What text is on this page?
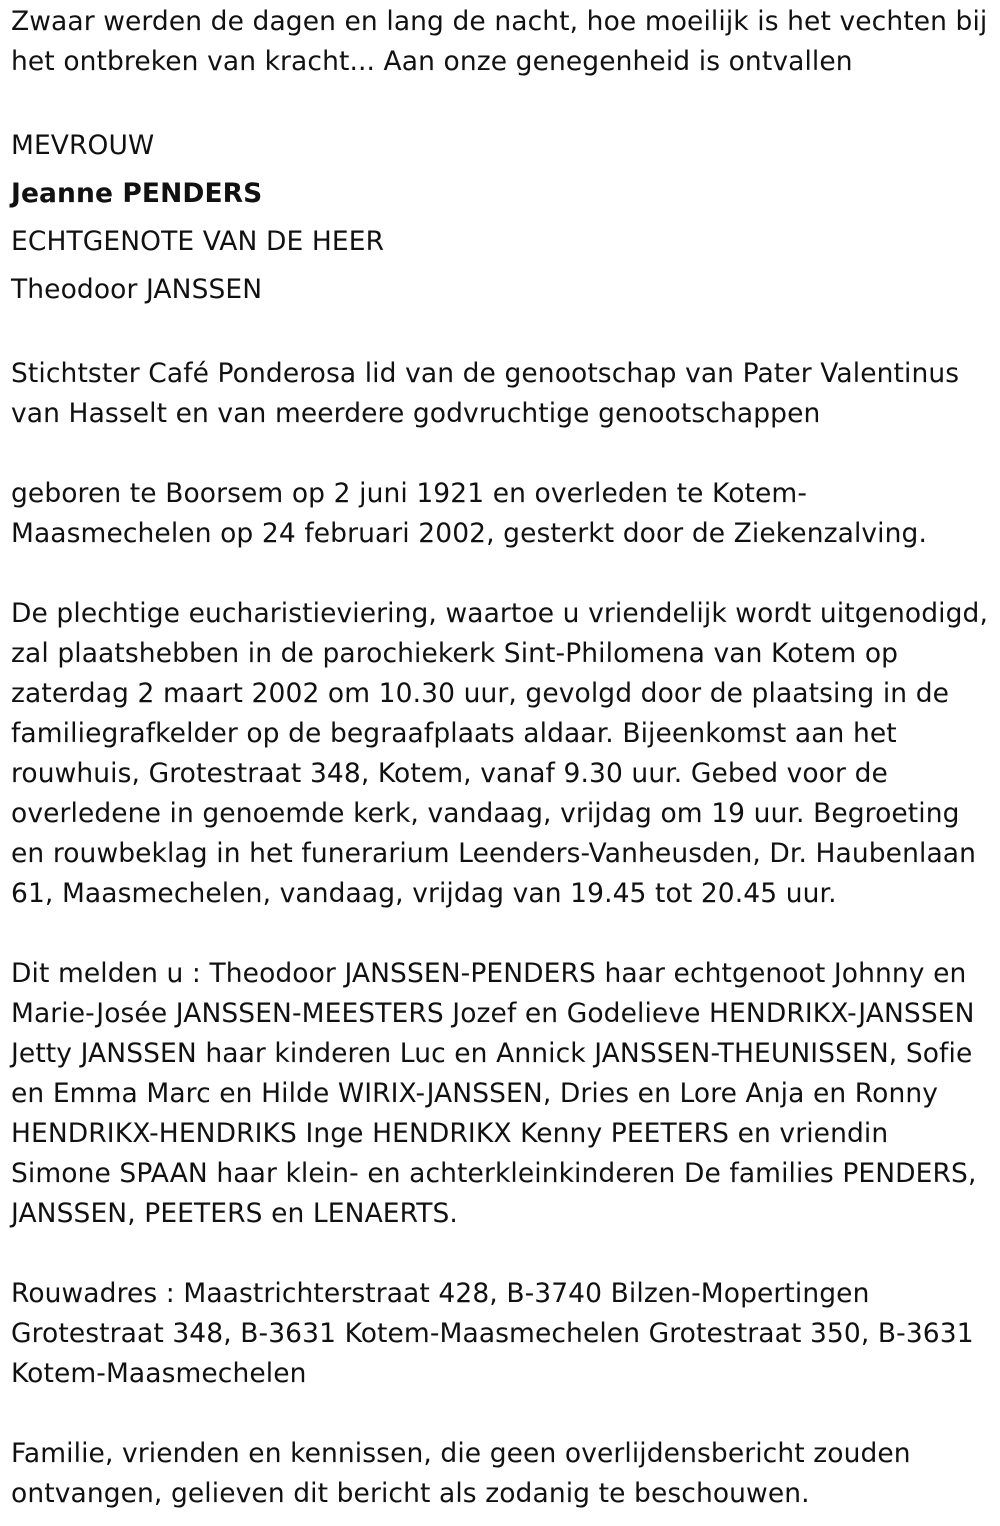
Zwaar werden de dagen en lang de nacht, hoe moeilijk is het vechten bij het ontbreken van kracht... Aan onze genegenheid is ontvallen

MEVROUW

Jeanne PENDERS

ECHTGENOTE VAN DE HEER

Theodoor JANSSEN

Stichtster Café Ponderosa lid van de genootschap van Pater Valentinus van Hasselt en van meerdere godvruchtige genootschappen

geboren te Boorsem op 2 juni 1921 en overleden te Kotem-Maasmechelen op 24 februari 2002, gesterkt door de Ziekenzalving.

De plechtige eucharistieviering, waartoe u vriendelijk wordt uitgenodigd, zal plaatshebben in de parochiekerk Sint-Philomena van Kotem op zaterdag 2 maart 2002 om 10.30 uur, gevolgd door de plaatsing in de familiegrafkelder op de begraafplaats aldaar. Bijeenkomst aan het rouwhuis, Grotestraat 348, Kotem, vanaf 9.30 uur. Gebed voor de overledene in genoemde kerk, vandaag, vrijdag om 19 uur. Begroeting en rouwbeklag in het funerarium Leenders-Vanheusden, Dr. Haubenlaan 61, Maasmechelen, vandaag, vrijdag van 19.45 tot 20.45 uur.

Dit melden u : Theodoor JANSSEN-PENDERS haar echtgenoot Johnny en Marie-Josée JANSSEN-MEESTERS Jozef en Godelieve HENDRIKX-JANSSEN Jetty JANSSEN haar kinderen Luc en Annick JANSSEN-THEUNISSEN, Sofie en Emma Marc en Hilde WIRIX-JANSSEN, Dries en Lore Anja en Ronny HENDRIKX-HENDRIKS Inge HENDRIKX Kenny PEETERS en vriendin Simone SPAAN haar klein- en achterkleinkinderen De families PENDERS, JANSSEN, PEETERS en LENAERTS.

Rouwadres : Maastrichterstraat 428, B-3740 Bilzen-Mopertingen Grotestraat 348, B-3631 Kotem-Maasmechelen Grotestraat 350, B-3631 Kotem-Maasmechelen

Familie, vrienden en kennissen, die geen overlijdensbericht zouden ontvangen, gelieven dit bericht als zodanig te beschouwen.
